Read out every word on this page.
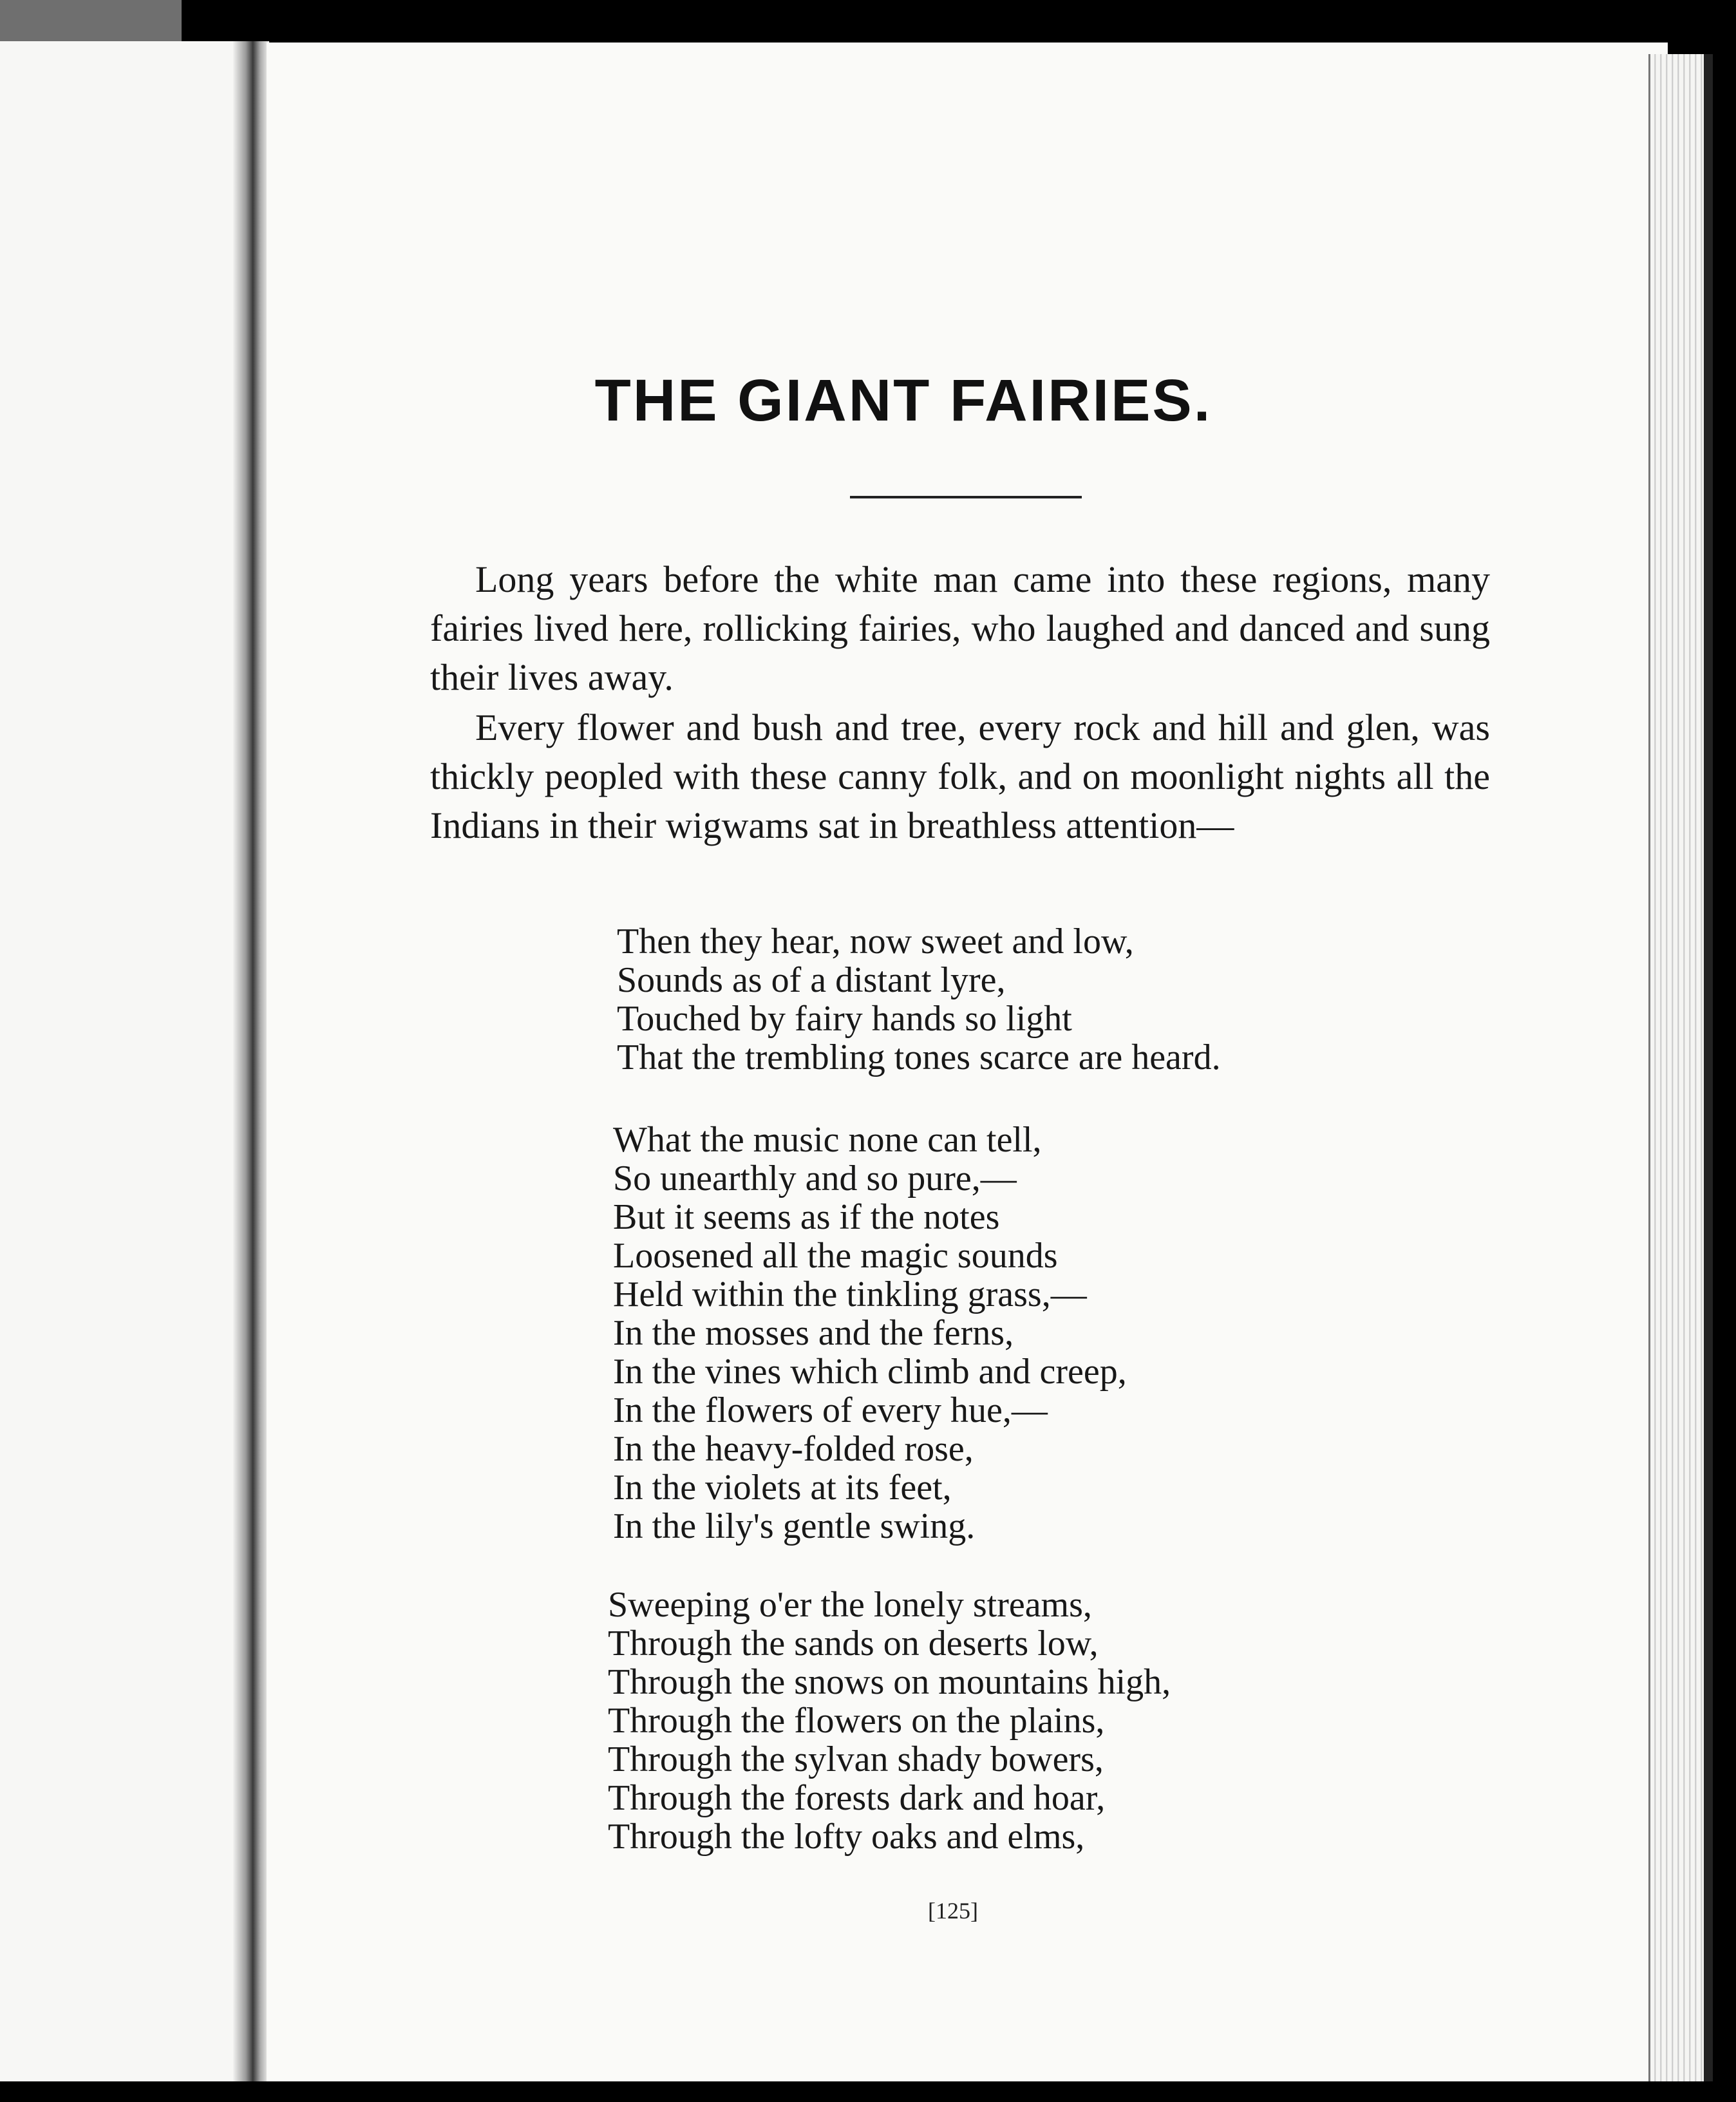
THE GIANT FAIRIES.

Long years before the white man came into these regions, many fairies lived here, rollicking fairies, who laughed and danced and sung their lives away.

Every flower and bush and tree, every rock and hill and glen, was thickly peopled with these canny folk, and on moonlight nights all the Indians in their wigwams sat in breathless attention—

Then they hear, now sweet and low,
Sounds as of a distant lyre,
Touched by fairy hands so light
That the trembling tones scarce are heard.
What the music none can tell,
So unearthly and so pure,—
But it seems as if the notes
Loosened all the magic sounds
Held within the tinkling grass,—
In the mosses and the ferns,
In the vines which climb and creep,
In the flowers of every hue,—
In the heavy-folded rose,
In the violets at its feet,
In the lily's gentle swing.
Sweeping o'er the lonely streams,
Through the sands on deserts low,
Through the snows on mountains high,
Through the flowers on the plains,
Through the sylvan shady bowers,
Through the forests dark and hoar,
Through the lofty oaks and elms,
[125]
